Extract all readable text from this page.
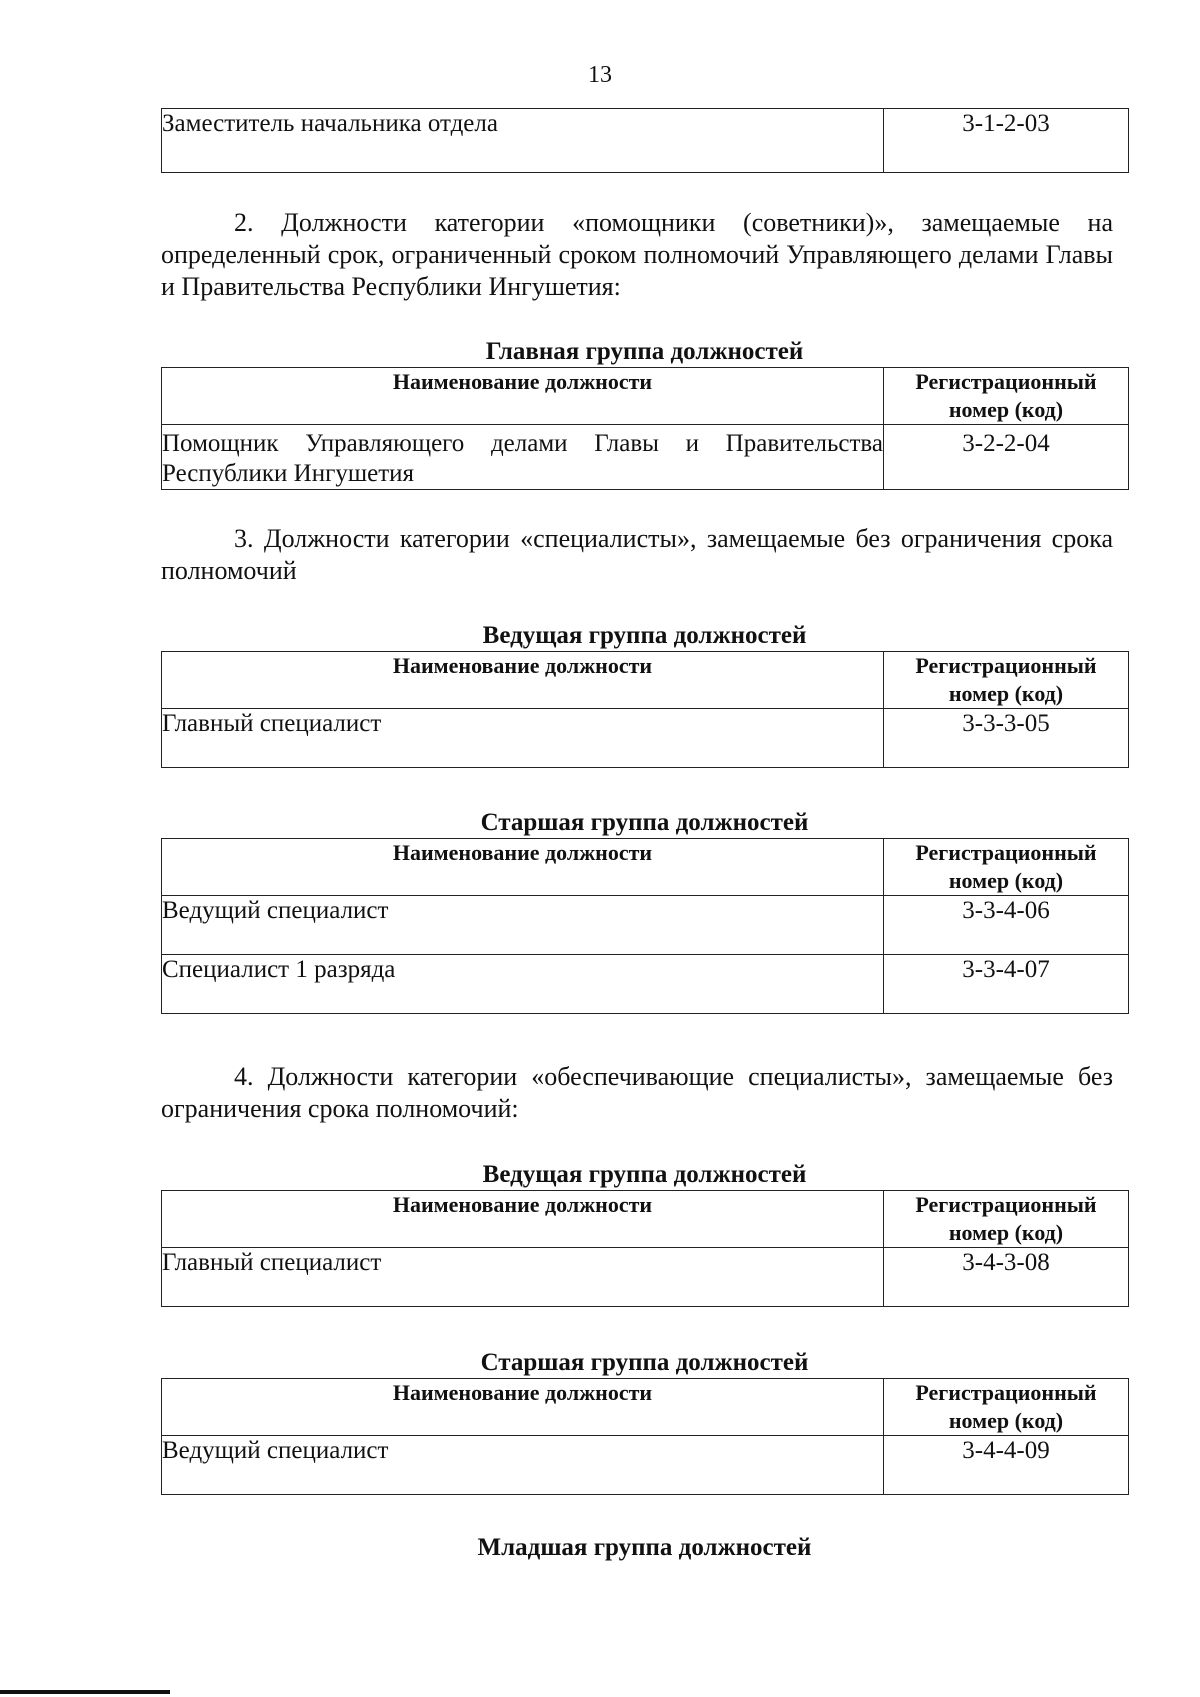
13
Заместитель начальника отдела	3-1-2-03
2. Должности категории «помощники (советники)», замещаемые на определенный срок, ограниченный сроком полномочий Управляющего делами Главы и Правительства Республики Ингушетия:
Главная группа должностей
Наименование должности	Регистрационный номер (код)
Помощник Управляющего делами Главы и Правительства Республики Ингушетия	3-2-2-04
3. Должности категории «специалисты», замещаемые без ограничения срока полномочий
Ведущая группа должностей
Наименование должности	Регистрационный номер (код)
Главный специалист	3-3-3-05
Старшая группа должностей
Наименование должности	Регистрационный номер (код)
Ведущий специалист	3-3-4-06
Специалист 1 разряда	3-3-4-07
4. Должности категории «обеспечивающие специалисты», замещаемые без ограничения срока полномочий:
Ведущая группа должностей
Наименование должности	Регистрационный номер (код)
Главный специалист	3-4-3-08
Старшая группа должностей
Наименование должности	Регистрационный номер (код)
Ведущий специалист	3-4-4-09
Младшая группа должностей
